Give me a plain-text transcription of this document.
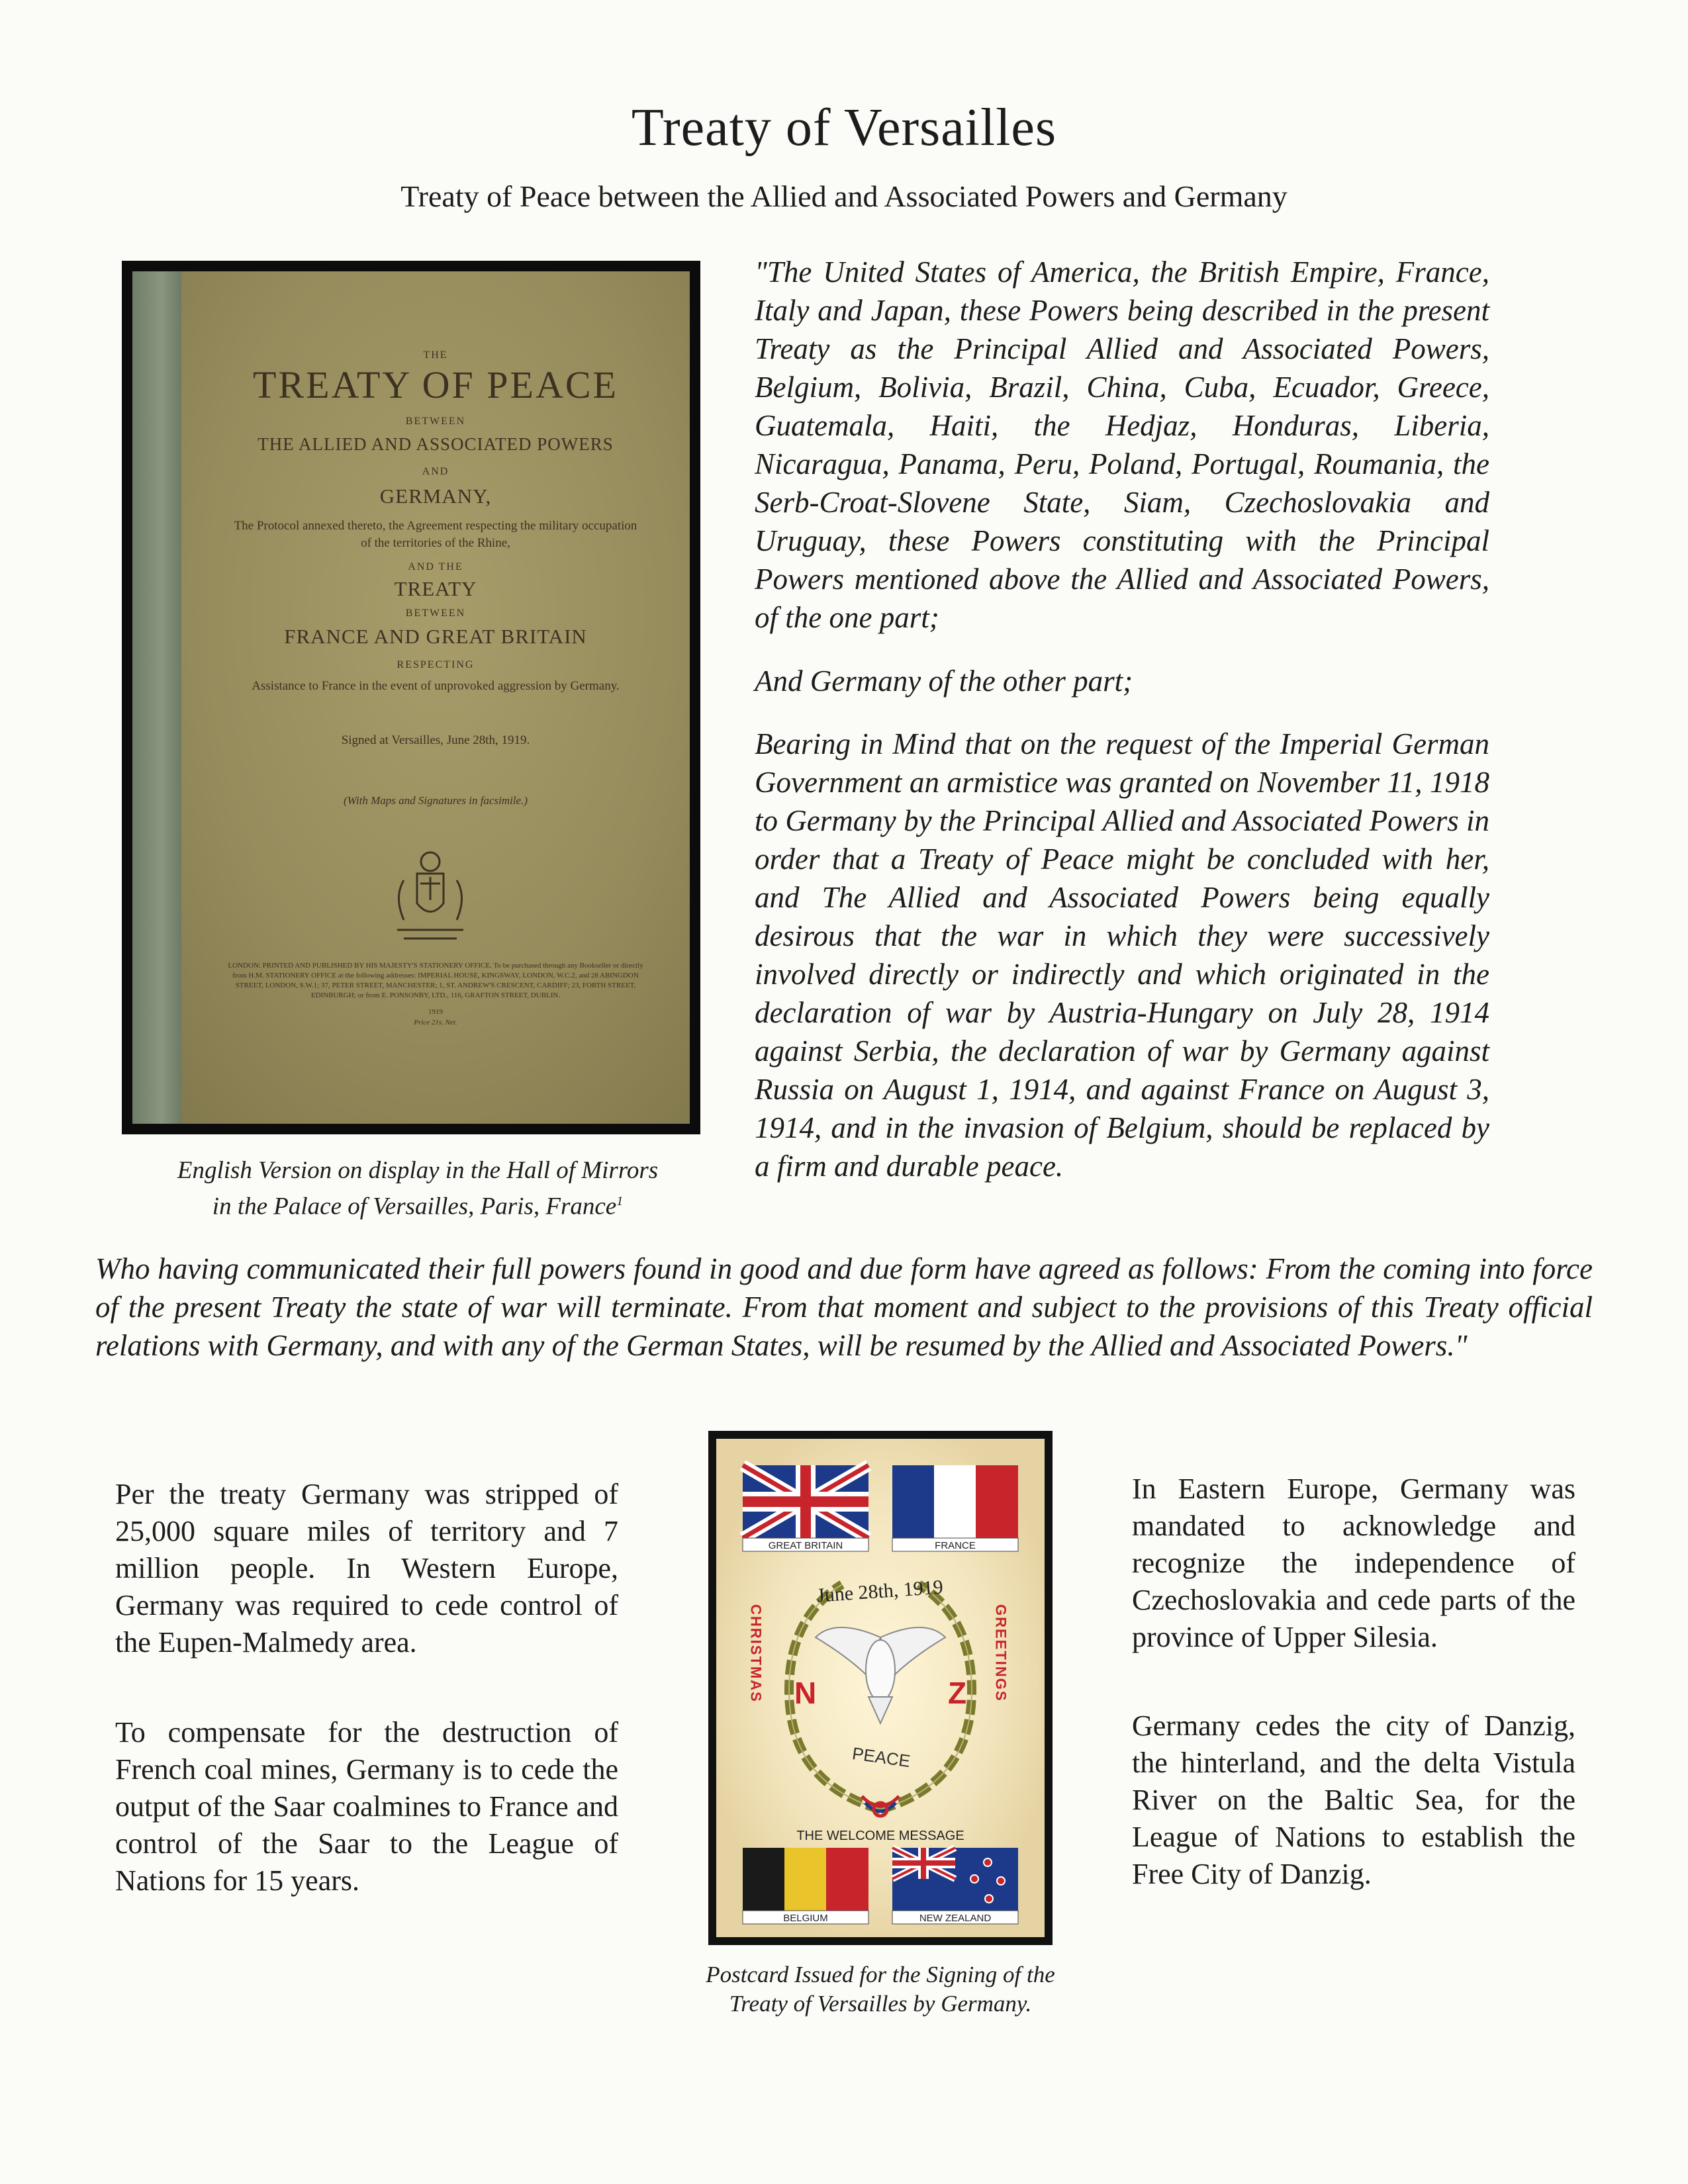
Treaty of Versailles
Treaty of Peace between the Allied and Associated Powers and Germany
THE
TREATY OF PEACE
BETWEEN
THE ALLIED AND ASSOCIATED POWERS
AND
GERMANY,
The Protocol annexed thereto, the Agreement respecting the military occupation of the territories of the Rhine,
AND THE
TREATY
BETWEEN
FRANCE AND GREAT BRITAIN
RESPECTING
Assistance to France in the event of unprovoked aggression by Germany.
Signed at Versailles, June 28th, 1919.
(With Maps and Signatures in facsimile.)
LONDON: PRINTED AND PUBLISHED BY HIS MAJESTY'S STATIONERY OFFICE. To be purchased through any Bookseller or directly from H.M. STATIONERY OFFICE at the following addresses: IMPERIAL HOUSE, KINGSWAY, LONDON, W.C.2, and 28 ABINGDON STREET, LONDON, S.W.1; 37, PETER STREET, MANCHESTER; 1, ST. ANDREW'S CRESCENT, CARDIFF; 23, FORTH STREET, EDINBURGH; or from E. PONSONBY, LTD., 116, GRAFTON STREET, DUBLIN.
1919
Price 21s. Net.
English Version on display in the Hall of Mirrors
in the Palace of Versailles, Paris, France$^1$
"The United States of America, the British Empire, France, Italy and Japan, these Powers being described in the present Treaty as the Principal Allied and Associated Powers, Belgium, Bolivia, Brazil, China, Cuba, Ecuador, Greece, Guatemala, Haiti, the Hedjaz, Honduras, Liberia, Nicaragua, Panama, Peru, Poland, Portugal, Roumania, the Serb-Croat-Slovene State, Siam, Czechoslovakia and Uruguay, these Powers constituting with the Principal Powers mentioned above the Allied and Associated Powers, of the one part;
And Germany of the other part;
Bearing in Mind that on the request of the Imperial German Government an armistice was granted on November 11, 1918 to Germany by the Principal Allied and Associated Powers in order that a Treaty of Peace might be concluded with her, and The Allied and Associated Powers being equally desirous that the war in which they were successively involved directly or indirectly and which originated in the declaration of war by Austria-Hungary on July 28, 1914 against Serbia, the declaration of war by Germany against Russia on August 1, 1914, and against France on August 3, 1914, and in the invasion of Belgium, should be replaced by a firm and durable peace.
Who having communicated their full powers found in good and due form have agreed as follows: From the coming into force of the present Treaty the state of war will terminate. From that moment and subject to the provisions of this Treaty official relations with Germany, and with any of the German States, will be resumed by the Allied and Associated Powers."
Per the treaty Germany was stripped of 25,000 square miles of territory and 7 million people. In Western Europe, Germany was required to cede control of the Eupen-Malmedy area.
To compensate for the destruction of French coal mines, Germany is to cede the output of the Saar coalmines to France and control of the Saar to the League of Nations for 15 years.
In Eastern Europe, Germany was mandated to acknowledge and recognize the independence of Czechoslovakia and cede parts of the province of Upper Silesia.
Germany cedes the city of Danzig, the hinterland, and the delta Vistula River on the Baltic Sea, for the League of Nations to establish the Free City of Danzig.
GREAT BRITAIN	FRANCE
June 28th, 1919
CHRISTMAS	GREETINGS
N	Z
PEACE
THE WELCOME MESSAGE
BELGIUM	NEW ZEALAND
Postcard Issued for the Signing of the
Treaty of Versailles by Germany.
